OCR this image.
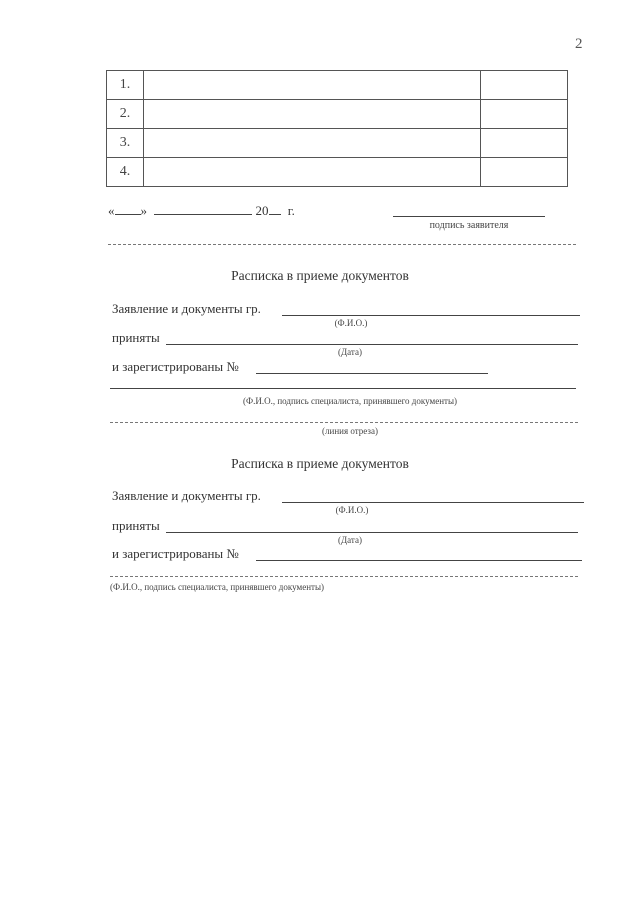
2
1.		
2.		
3.		
4.		
« »	20 г.
подпись заявителя
Расписка в приеме документов
Заявление и документы гр.
(Ф.И.О.)
приняты
(Дата)
и зарегистрированы №
(Ф.И.О., подпись специалиста, принявшего документы)
(линия отреза)
Расписка в приеме документов
Заявление и документы гр.
(Ф.И.О.)
приняты
(Дата)
и зарегистрированы №
(Ф.И.О., подпись специалиста, принявшего документы)
